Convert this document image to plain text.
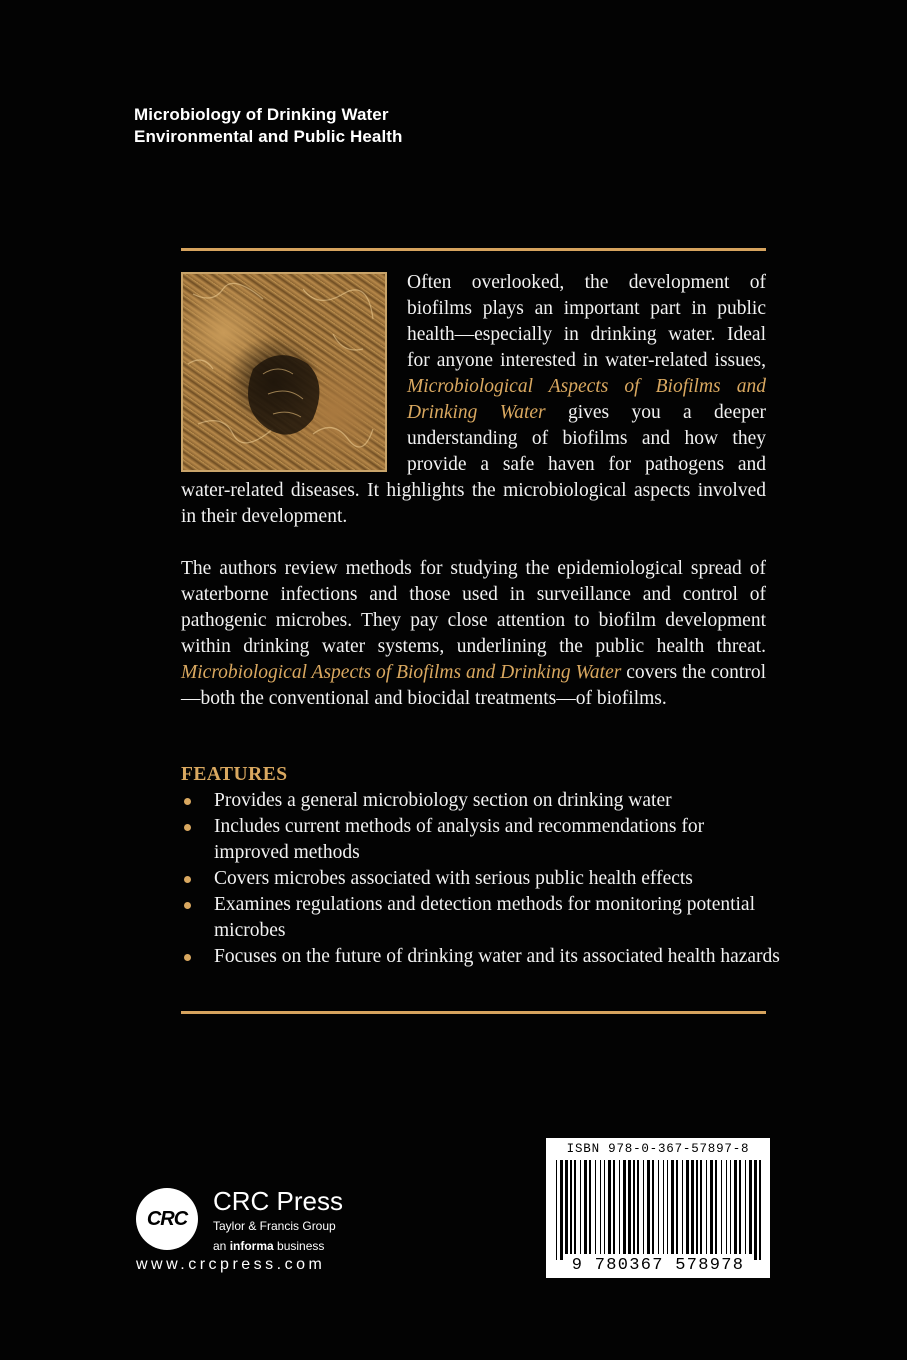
Microbiology of Drinking Water
Environmental and Public Health
Often overlooked, the development of biofilms plays an important part in public health—especially in drinking water. Ideal for anyone interested in water-related issues, Microbiological Aspects of Biofilms and Drinking Water gives you a deeper understanding of biofilms and how they provide a safe haven for pathogens and water-related diseases. It highlights the microbiological aspects involved in their development.
The authors review methods for studying the epidemiological spread of waterborne infections and those used in surveillance and control of pathogenic microbes. They pay close attention to biofilm development within drinking water systems, underlining the public health threat. Microbiological Aspects of Biofilms and Drinking Water covers the control—both the conventional and biocidal treatments—of biofilms.
FEATURES
Provides a general microbiology section on drinking water
Includes current methods of analysis and recommendations for improved methods
Covers microbes associated with serious public health effects
Examines regulations and detection methods for monitoring potential microbes
Focuses on the future of drinking water and its associated health hazards
CRC
CRC Press
Taylor & Francis Group
an informa business
www.crcpress.com
ISBN 978-0-367-57897-8
9 780367 578978
